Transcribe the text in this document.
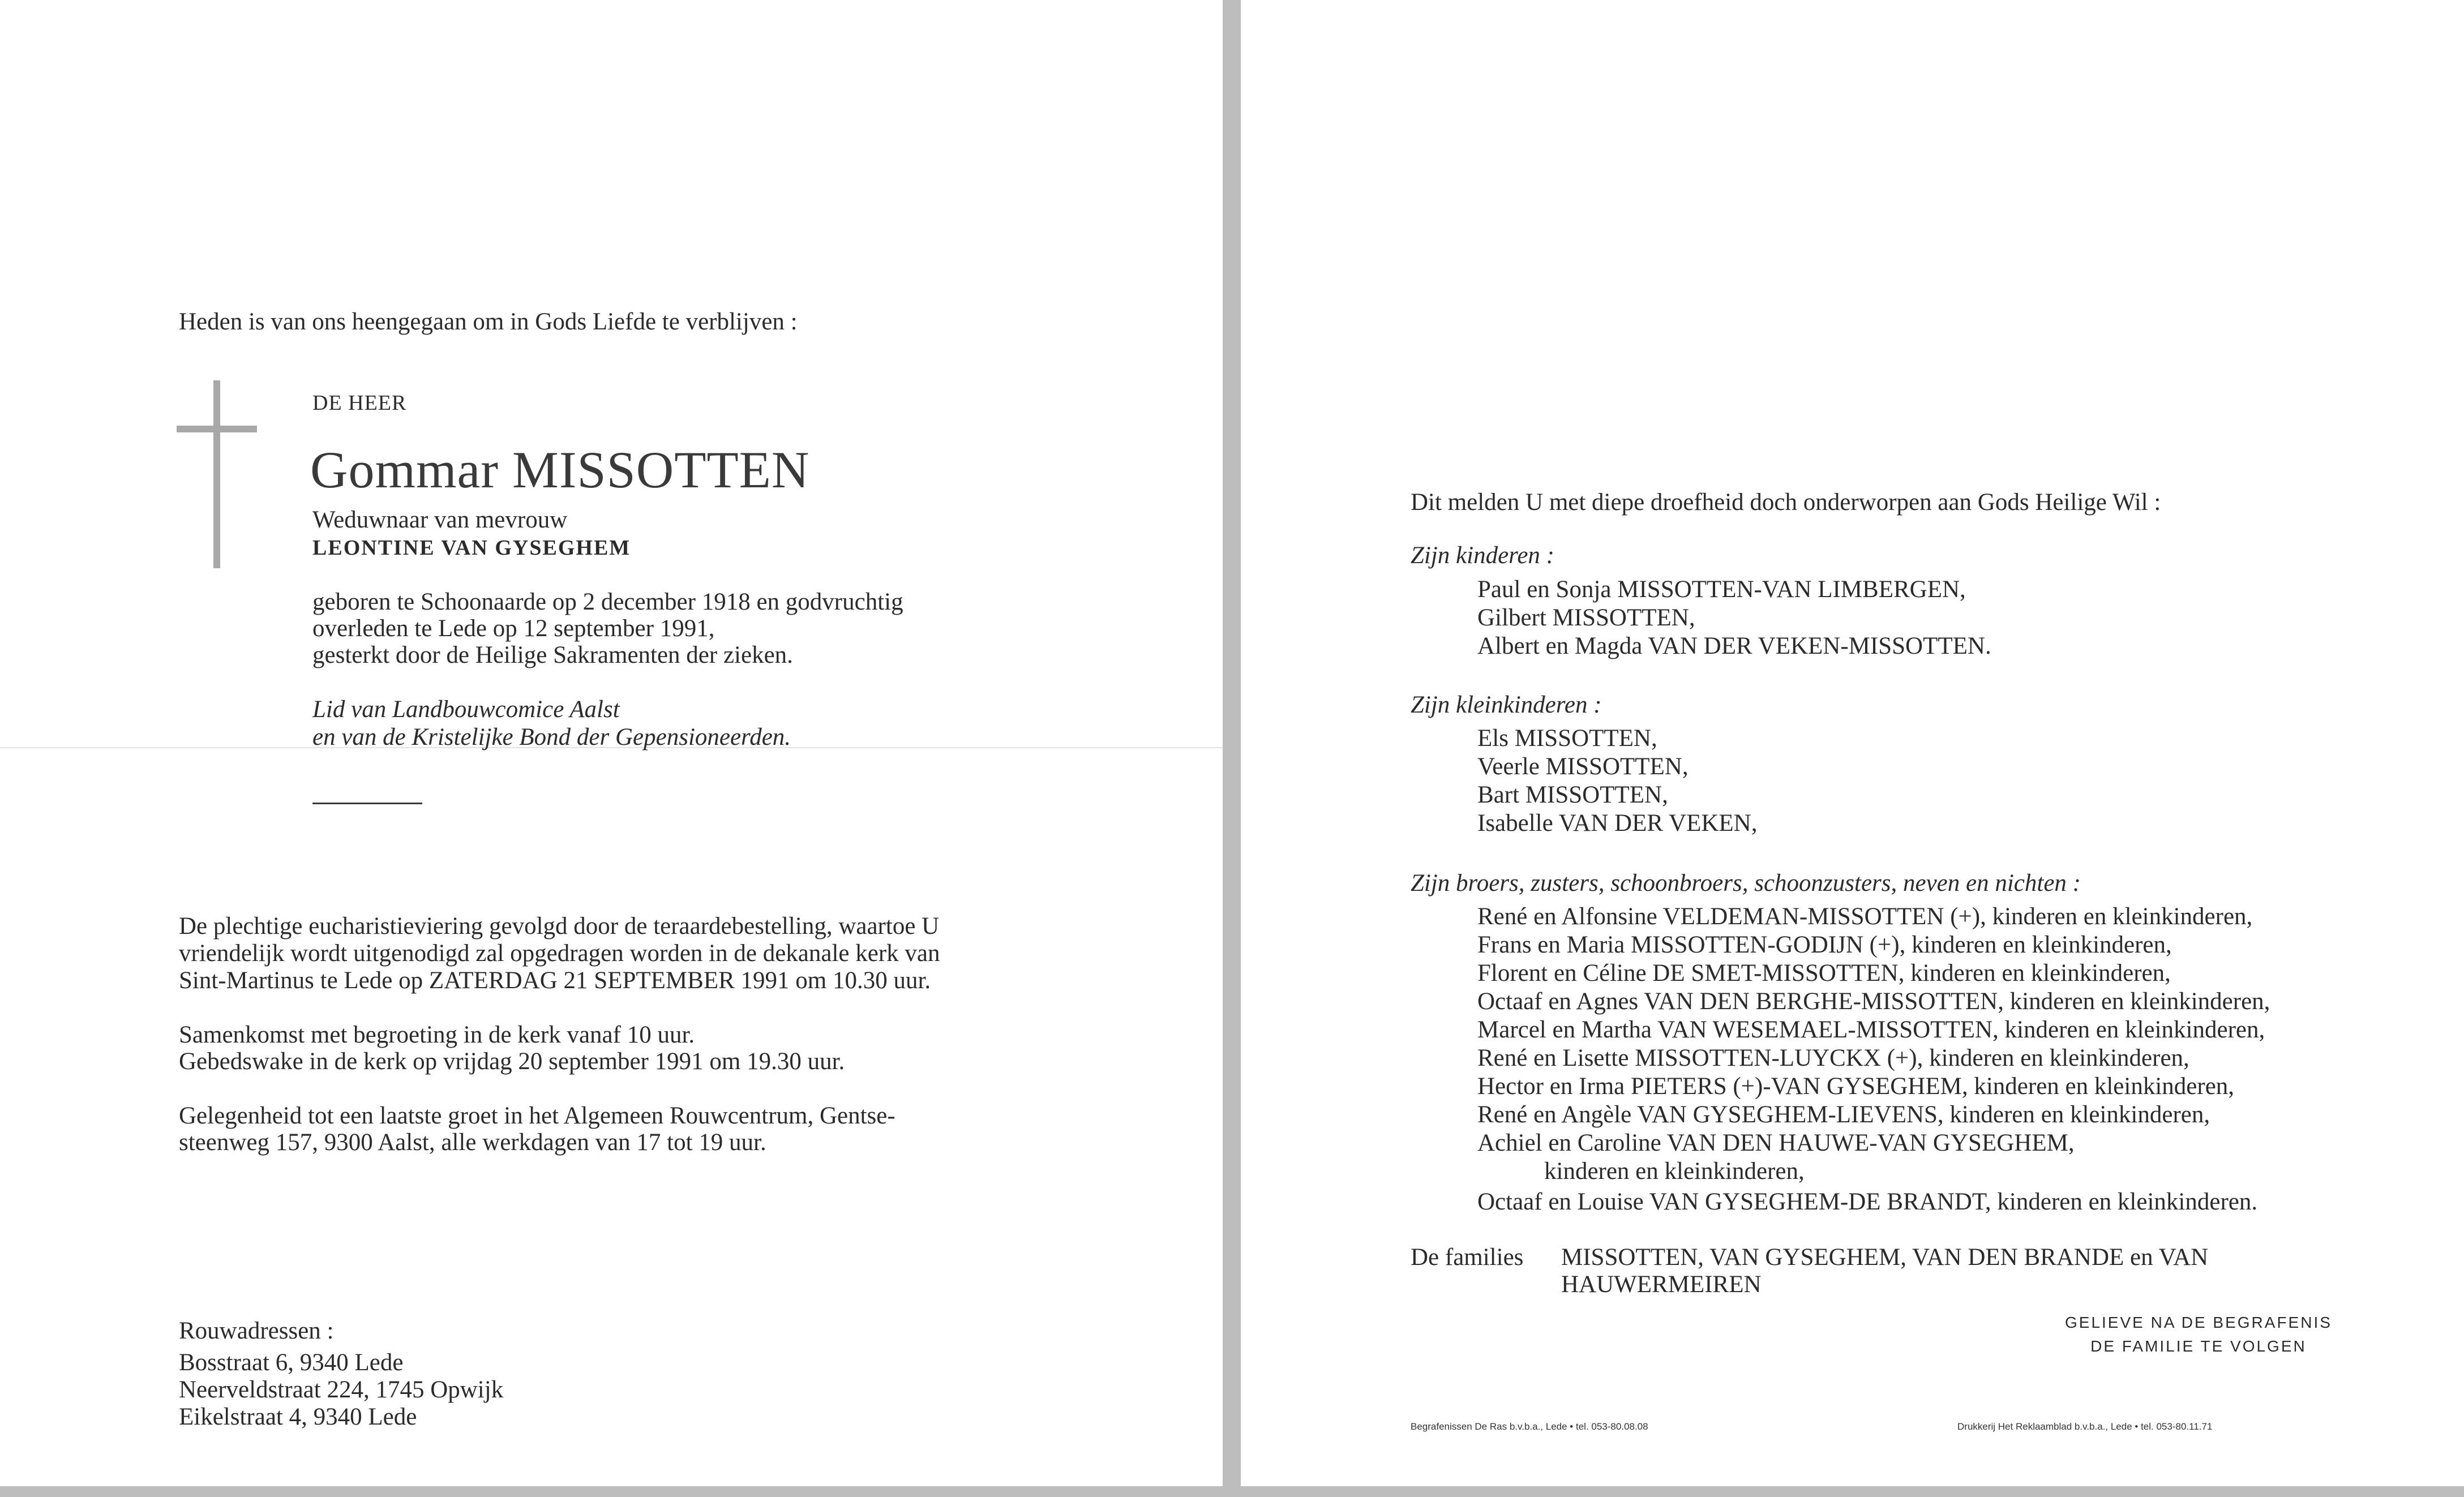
Heden is van ons heengegaan om in Gods Liefde te verblijven :
DE HEER
Gommar MISSOTTEN
Weduwnaar van mevrouw
LEONTINE VAN GYSEGHEM
geboren te Schoonaarde op 2 december 1918 en godvruchtig
overleden te Lede op 12 september 1991,
gesterkt door de Heilige Sakramenten der zieken.
Lid van Landbouwcomice Aalst
en van de Kristelijke Bond der Gepensioneerden.
De plechtige eucharistieviering gevolgd door de teraardebestelling, waartoe U
vriendelijk wordt uitgenodigd zal opgedragen worden in de dekanale kerk van
Sint-Martinus te Lede op ZATERDAG 21 SEPTEMBER 1991 om 10.30 uur.
Samenkomst met begroeting in de kerk vanaf 10 uur.
Gebedswake in de kerk op vrijdag 20 september 1991 om 19.30 uur.
Gelegenheid tot een laatste groet in het Algemeen Rouwcentrum, Gentse-
steenweg 157, 9300 Aalst, alle werkdagen van 17 tot 19 uur.
Rouwadressen :
Bosstraat 6, 9340 Lede
Neerveldstraat 224, 1745 Opwijk
Eikelstraat 4, 9340 Lede
Dit melden U met diepe droefheid doch onderworpen aan Gods Heilige Wil :
Zijn kinderen :
Paul en Sonja MISSOTTEN-VAN LIMBERGEN,
Gilbert MISSOTTEN,
Albert en Magda VAN DER VEKEN-MISSOTTEN.
Zijn kleinkinderen :
Els MISSOTTEN,
Veerle MISSOTTEN,
Bart MISSOTTEN,
Isabelle VAN DER VEKEN,
Zijn broers, zusters, schoonbroers, schoonzusters, neven en nichten :
René en Alfonsine VELDEMAN-MISSOTTEN (+), kinderen en kleinkinderen,
Frans en Maria MISSOTTEN-GODIJN (+), kinderen en kleinkinderen,
Florent en Céline DE SMET-MISSOTTEN, kinderen en kleinkinderen,
Octaaf en Agnes VAN DEN BERGHE-MISSOTTEN, kinderen en kleinkinderen,
Marcel en Martha VAN WESEMAEL-MISSOTTEN, kinderen en kleinkinderen,
René en Lisette MISSOTTEN-LUYCKX (+), kinderen en kleinkinderen,
Hector en Irma PIETERS (+)-VAN GYSEGHEM, kinderen en kleinkinderen,
René en Angèle VAN GYSEGHEM-LIEVENS, kinderen en kleinkinderen,
Achiel en Caroline VAN DEN HAUWE-VAN GYSEGHEM,
kinderen en kleinkinderen,
Octaaf en Louise VAN GYSEGHEM-DE BRANDT, kinderen en kleinkinderen.
De families MISSOTTEN, VAN GYSEGHEM, VAN DEN BRANDE en VAN
HAUWERMEIREN
GELIEVE NA DE BEGRAFENIS
DE FAMILIE TE VOLGEN
Begrafenissen De Ras b.v.b.a., Lede • tel. 053-80.08.08	Drukkerij Het Reklaamblad b.v.b.a., Lede • tel. 053-80.11.71
